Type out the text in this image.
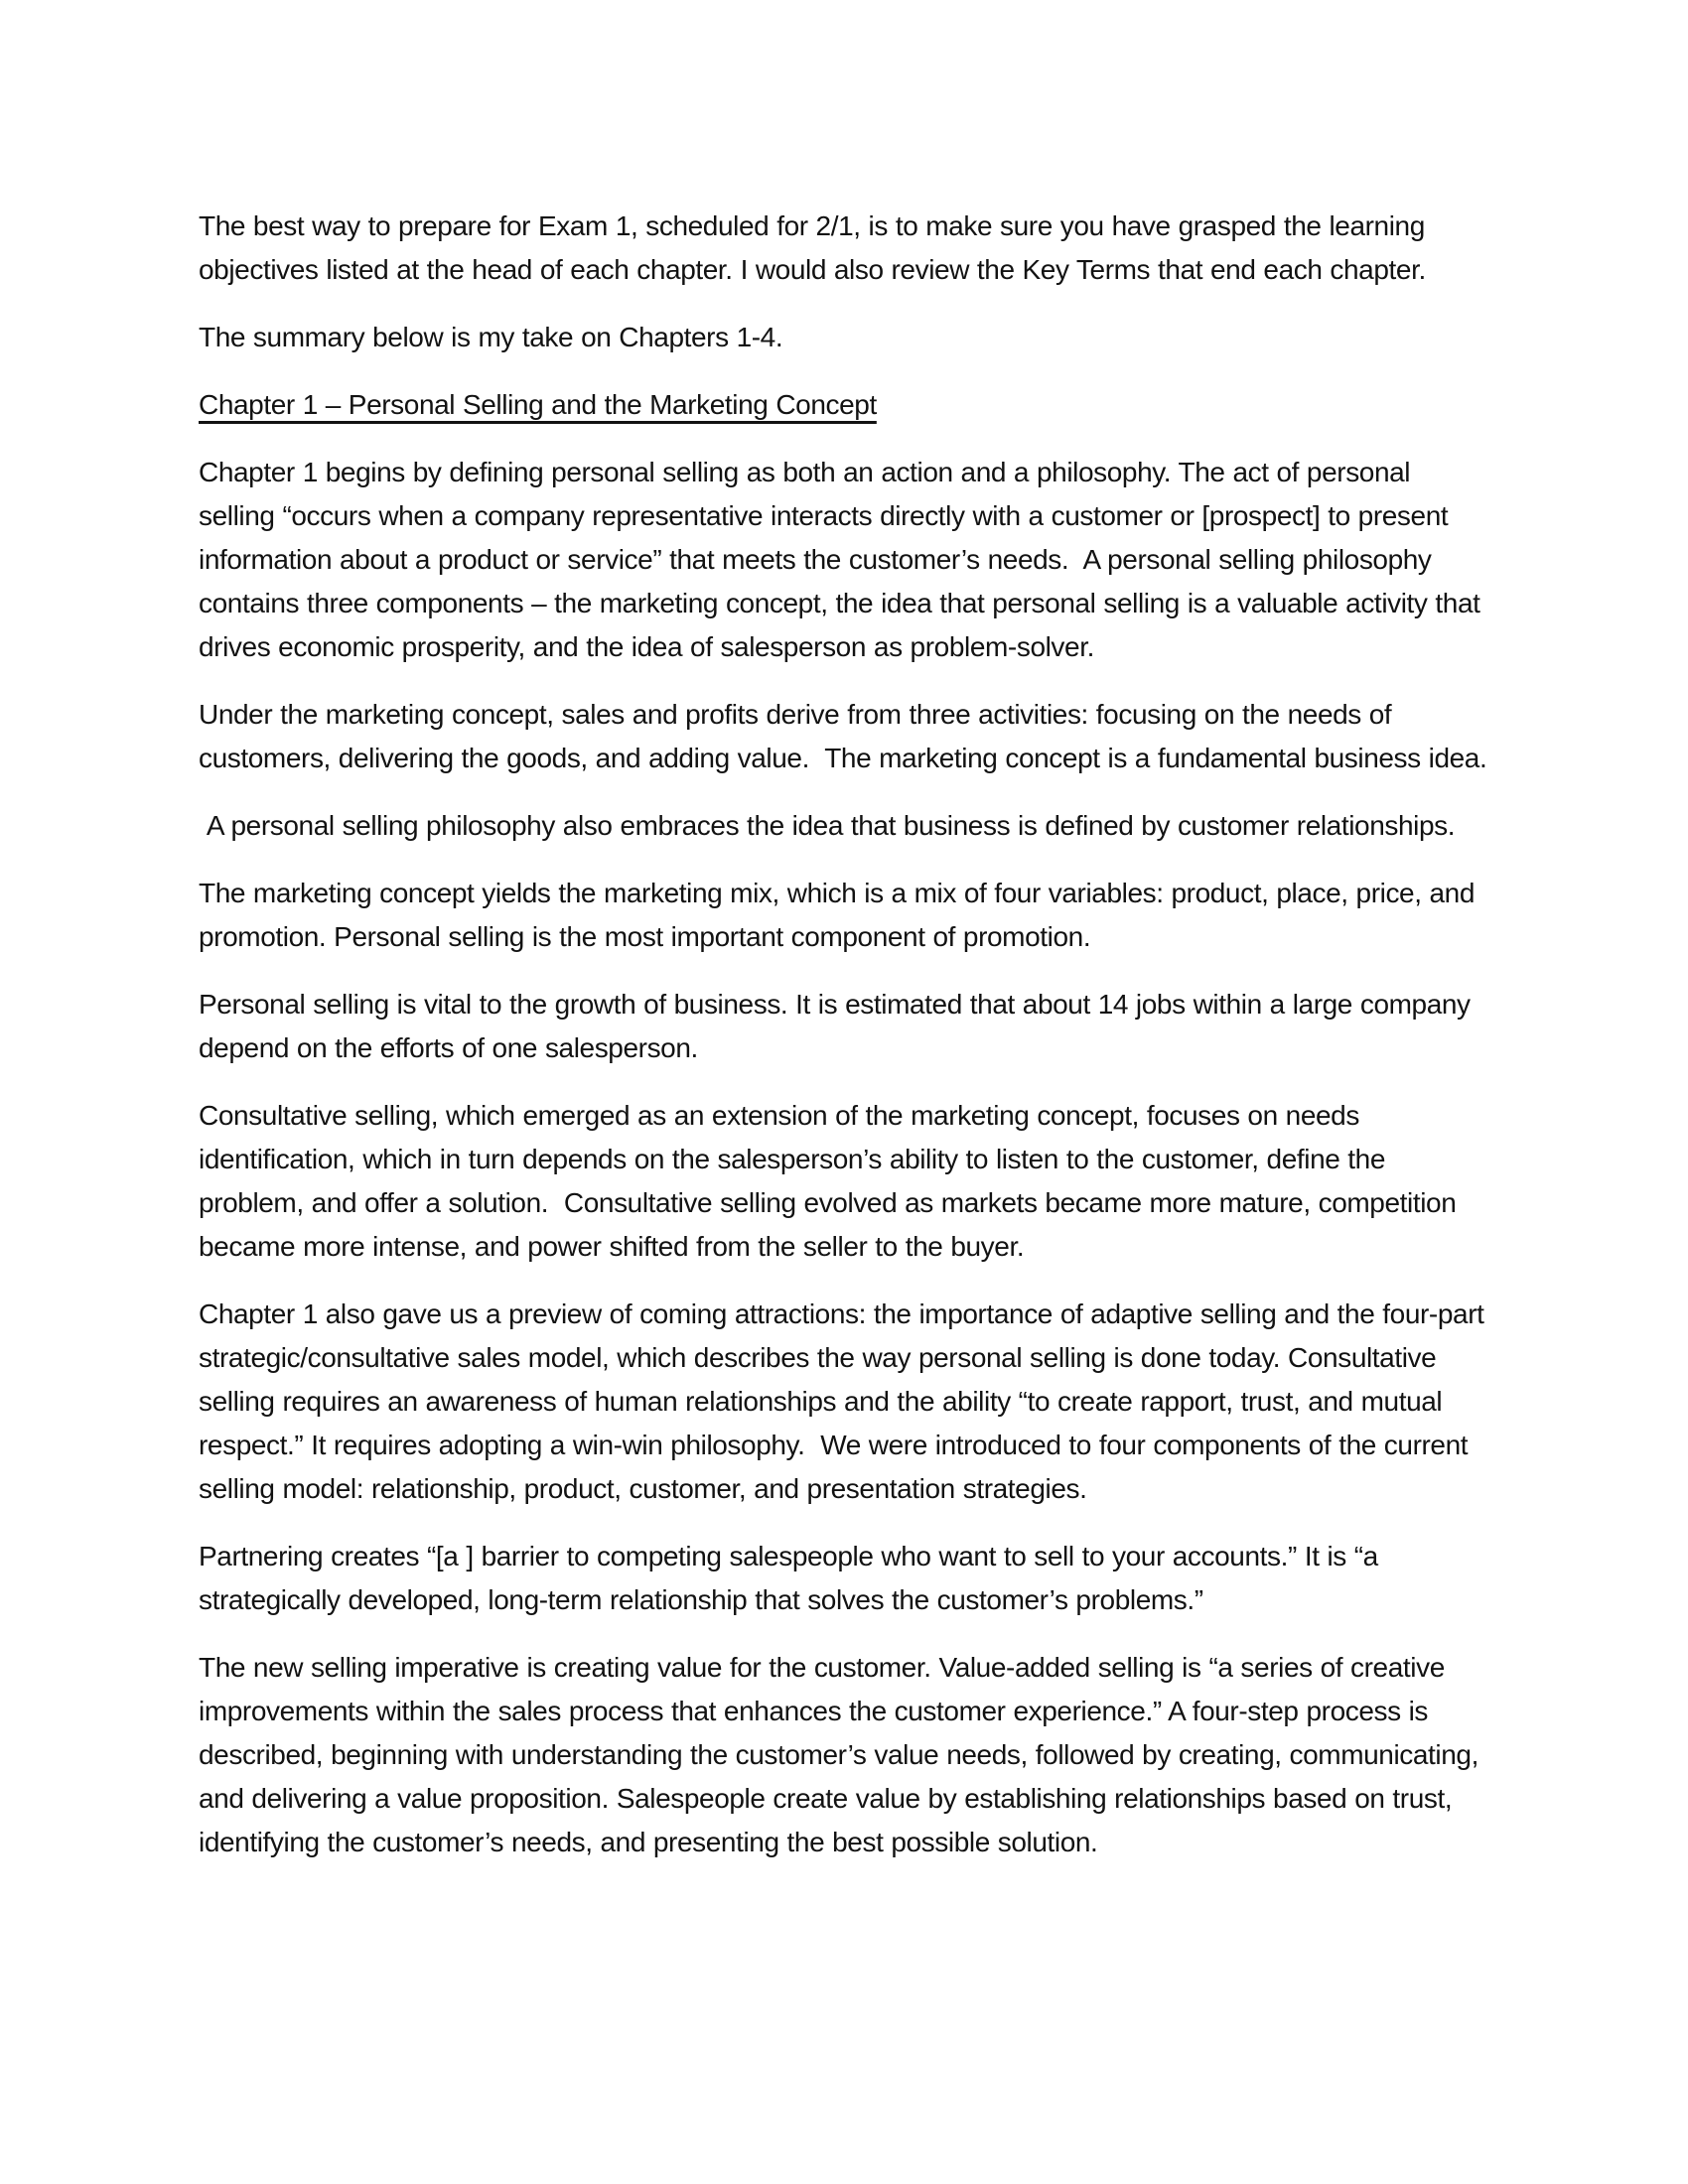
The best way to prepare for Exam 1, scheduled for 2/1, is to make sure you have grasped the learning objectives listed at the head of each chapter. I would also review the Key Terms that end each chapter.

The summary below is my take on Chapters 1-4.

Chapter 1 – Personal Selling and the Marketing Concept

Chapter 1 begins by defining personal selling as both an action and a philosophy. The act of personal selling “occurs when a company representative interacts directly with a customer or [prospect] to present information about a product or service” that meets the customer’s needs.  A personal selling philosophy contains three components – the marketing concept, the idea that personal selling is a valuable activity that drives economic prosperity, and the idea of salesperson as problem-solver.

Under the marketing concept, sales and profits derive from three activities: focusing on the needs of customers, delivering the goods, and adding value.  The marketing concept is a fundamental business idea.

A personal selling philosophy also embraces the idea that business is defined by customer relationships.

The marketing concept yields the marketing mix, which is a mix of four variables: product, place, price, and promotion. Personal selling is the most important component of promotion.

Personal selling is vital to the growth of business. It is estimated that about 14 jobs within a large company depend on the efforts of one salesperson.

Consultative selling, which emerged as an extension of the marketing concept, focuses on needs identification, which in turn depends on the salesperson’s ability to listen to the customer, define the problem, and offer a solution.  Consultative selling evolved as markets became more mature, competition became more intense, and power shifted from the seller to the buyer.

Chapter 1 also gave us a preview of coming attractions: the importance of adaptive selling and the four-part strategic/consultative sales model, which describes the way personal selling is done today. Consultative selling requires an awareness of human relationships and the ability “to create rapport, trust, and mutual respect.” It requires adopting a win-win philosophy.  We were introduced to four components of the current selling model: relationship, product, customer, and presentation strategies.

Partnering creates “[a ] barrier to competing salespeople who want to sell to your accounts.” It is “a strategically developed, long-term relationship that solves the customer’s problems.”

The new selling imperative is creating value for the customer. Value-added selling is “a series of creative improvements within the sales process that enhances the customer experience.” A four-step process is described, beginning with understanding the customer’s value needs, followed by creating, communicating, and delivering a value proposition. Salespeople create value by establishing relationships based on trust, identifying the customer’s needs, and presenting the best possible solution.
